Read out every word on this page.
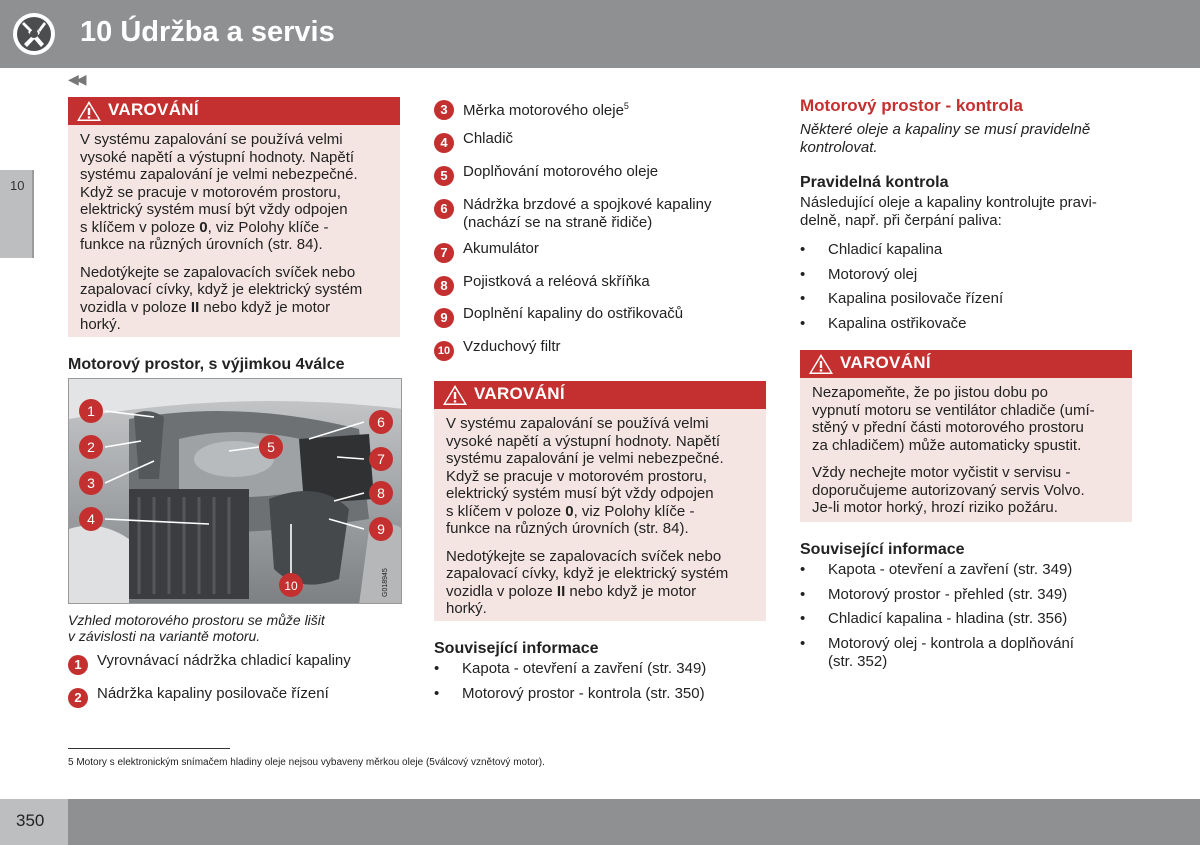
10 Údržba a servis
10
◀◀
VAROVÁNÍ

V systému zapalování se používá velmi
vysoké napětí a výstupní hodnoty. Napětí
systému zapalování je velmi nebezpečné.
Když se pracuje v motorovém prostoru,
elektrický systém musí být vždy odpojen
s klíčem v poloze 0, viz Polohy klíče -
funkce na různých úrovních (str. 84).

Nedotýkejte se zapalovacích svíček nebo
zapalovací cívky, když je elektrický systém
vozidla v poloze II nebo když je motor
horký.

Motorový prostor, s výjimkou 4válce
1
2
3
4
5
6
7
8
9
10	G018945
Vzhled motorového prostoru se může lišit
v závislosti na variantě motoru.
1	Vyrovnávací nádržka chladicí kapaliny
2	Nádržka kapaliny posilovače řízení
3	Měrka motorového oleje$^5$
4	Chladič
5	Doplňování motorového oleje
6	Nádržka brzdové a spojkové kapaliny
(nachází se na straně řidiče)
7	Akumulátor
8	Pojistková a reléová skříňka
9	Doplnění kapaliny do ostřikovačů
10 Vzduchový filtr
VAROVÁNÍ

V systému zapalování se používá velmi
vysoké napětí a výstupní hodnoty. Napětí
systému zapalování je velmi nebezpečné.
Když se pracuje v motorovém prostoru,
elektrický systém musí být vždy odpojen
s klíčem v poloze 0, viz Polohy klíče -
funkce na různých úrovních (str. 84).

Nedotýkejte se zapalovacích svíček nebo
zapalovací cívky, když je elektrický systém
vozidla v poloze II nebo když je motor
horký.

Související informace
• Kapota - otevření a zavření (str. 349)
• Motorový prostor - kontrola (str. 350)
Motorový prostor - kontrola
Některé oleje a kapaliny se musí pravidelně
kontrolovat.
Pravidelná kontrola
Následující oleje a kapaliny kontrolujte pravi-
delně, např. při čerpání paliva:
• Chladicí kapalina
• Motorový olej
• Kapalina posilovače řízení
• Kapalina ostřikovače
VAROVÁNÍ

Nezapomeňte, že po jistou dobu po
vypnutí motoru se ventilátor chladiče (umí-
stěný v přední části motorového prostoru
za chladičem) může automaticky spustit.

Vždy nechejte motor vyčistit v servisu -
doporučujeme autorizovaný servis Volvo.
Je-li motor horký, hrozí riziko požáru.

Související informace
• Kapota - otevření a zavření (str. 349)
• Motorový prostor - přehled (str. 349)
• Chladicí kapalina - hladina (str. 356)
• Motorový olej - kontrola a doplňování
(str. 352)
5 Motory s elektronickým snímačem hladiny oleje nejsou vybaveny měrkou oleje (5válcový vznětový motor).
350
